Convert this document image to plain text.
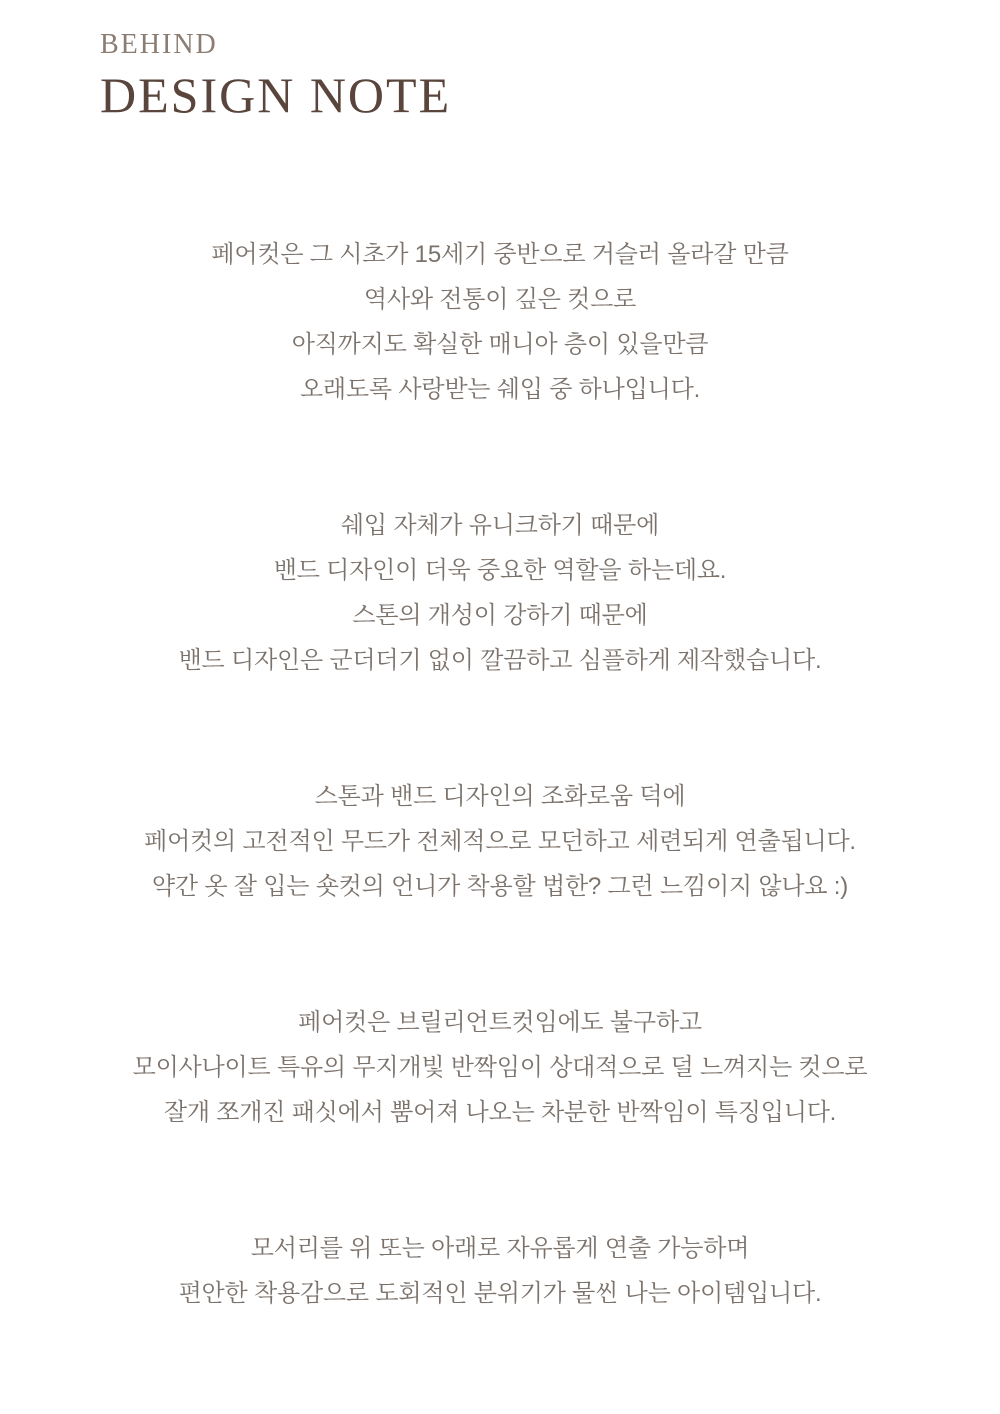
BEHIND
DESIGN NOTE
페어컷은 그 시초가 15세기 중반으로 거슬러 올라갈 만큼
역사와 전통이 깊은 컷으로
아직까지도 확실한 매니아 층이 있을만큼
오래도록 사랑받는 쉐입 중 하나입니다.
쉐입 자체가 유니크하기 때문에
밴드 디자인이 더욱 중요한 역할을 하는데요.
스톤의 개성이 강하기 때문에
밴드 디자인은 군더더기 없이 깔끔하고 심플하게 제작했습니다.
스톤과 밴드 디자인의 조화로움 덕에
페어컷의 고전적인 무드가 전체적으로 모던하고 세련되게 연출됩니다.
약간 옷 잘 입는 숏컷의 언니가 착용할 법한? 그런 느낌이지 않나요 :)
페어컷은 브릴리언트컷임에도 불구하고
모이사나이트 특유의 무지개빛 반짝임이 상대적으로 덜 느껴지는 컷으로
잘개 쪼개진 패싯에서 뿜어져 나오는 차분한 반짝임이 특징입니다.
모서리를 위 또는 아래로 자유롭게 연출 가능하며
편안한 착용감으로 도회적인 분위기가 물씬 나는 아이템입니다.
